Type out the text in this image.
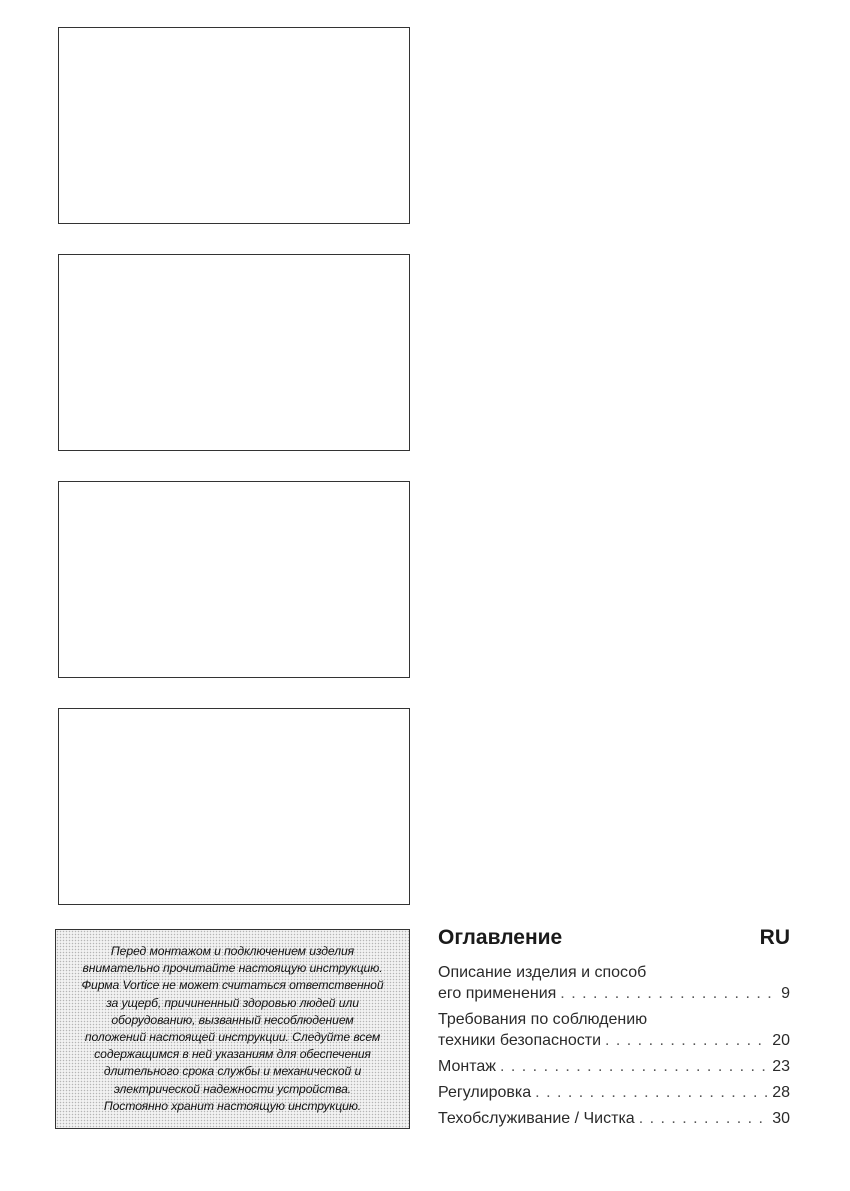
Перед монтажом и подключением изделия
внимательно прочитайте настоящую инструкцию.
Фирма Vortice не может считаться ответственной
за ущерб, причиненный здоровью людей или
оборудованию, вызванный несоблюдением
положений настоящей инструкции. Следуйте всем
содержащимся в ней указаниям для обеспечения
длительного срока службы и механической и
электрической надежности устройства.
Постоянно хранит настоящую инструкцию.

Оглавление	RU
Описание изделия и способ
его применения . . .	9
Требования по соблюдению
техники безопасности . . .	20
Монтаж . . .	23
Регулировка . . .	28
Техобслуживание / Чистка . . .	30
